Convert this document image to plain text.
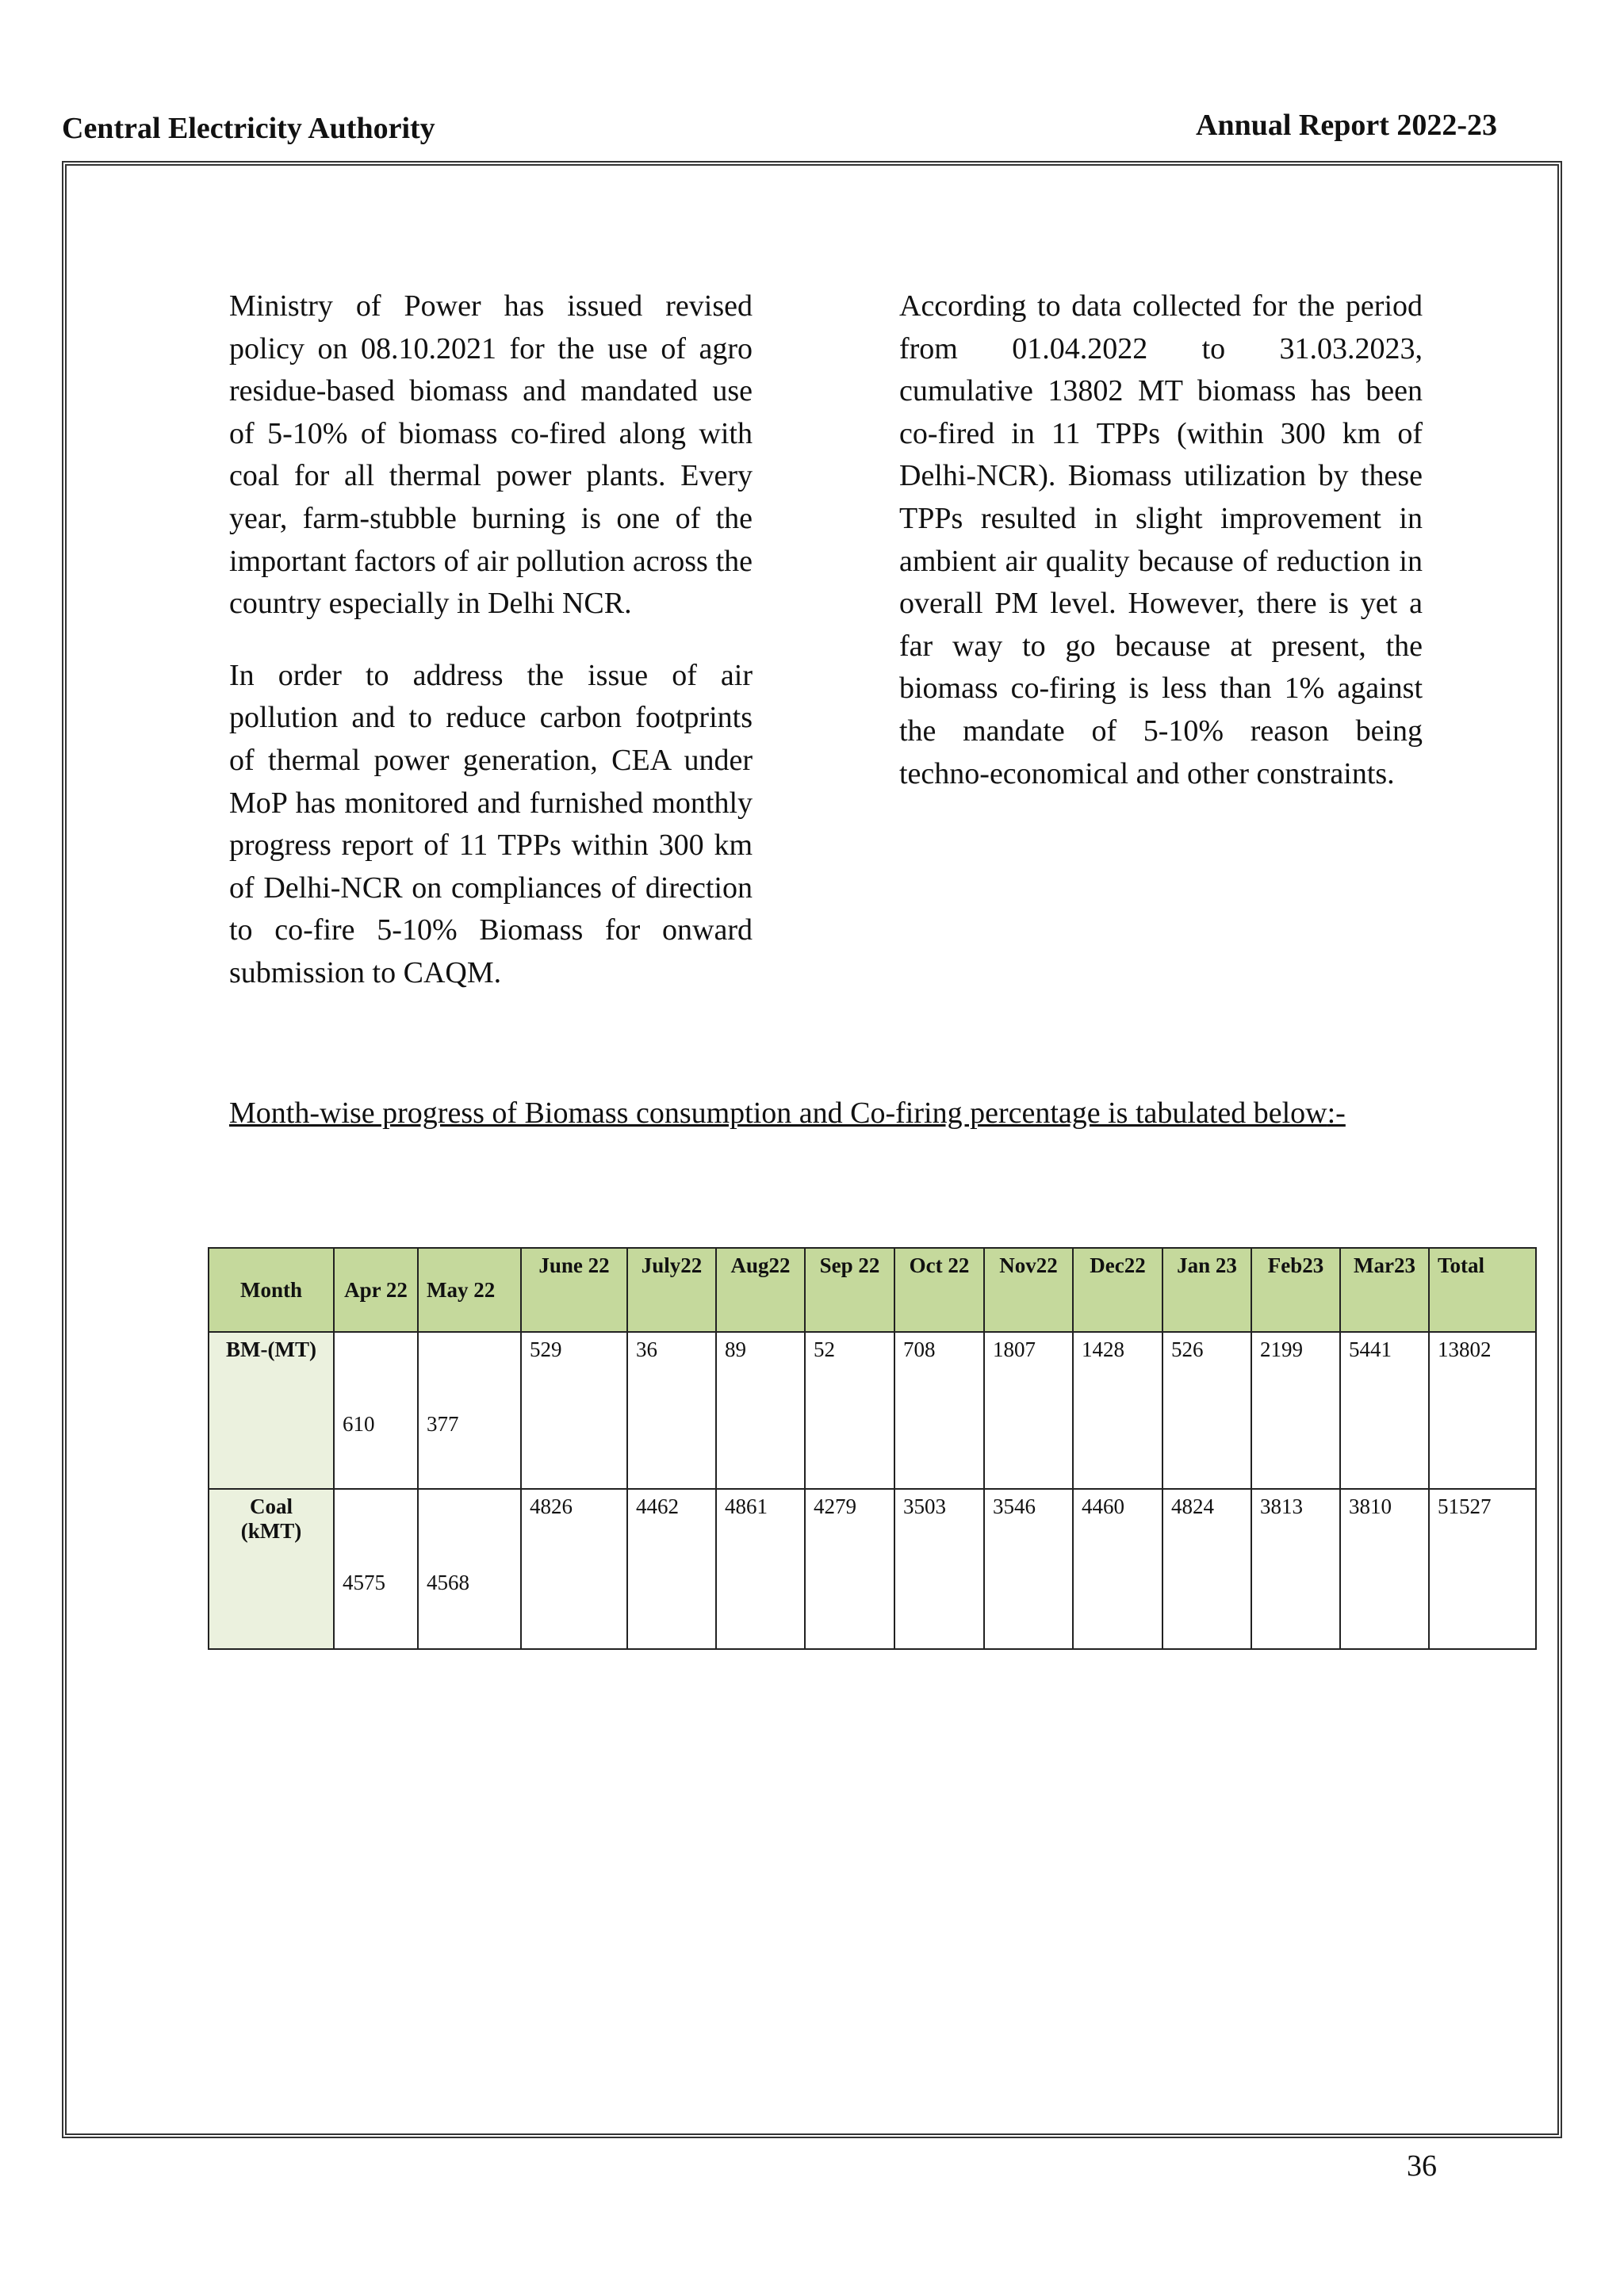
Central Electricity Authority	Annual Report 2022-23

Ministry of Power has issued revised policy on 08.10.2021 for the use of agro residue-based biomass and mandated use of 5-10% of biomass co-fired along with coal for all thermal power plants. Every year, farm-stubble burning is one of the important factors of air pollution across the country especially in Delhi NCR.

In order to address the issue of air pollution and to reduce carbon footprints of thermal power generation, CEA under MoP has monitored and furnished monthly progress report of 11 TPPs within 300 km of Delhi-NCR on compliances of direction to co-fire 5-10% Biomass for onward submission to CAQM.

According to data collected for the period from 01.04.2022 to 31.03.2023, cumulative 13802 MT biomass has been co-fired in 11 TPPs (within 300 km of Delhi-NCR). Biomass utilization by these TPPs resulted in slight improvement in ambient air quality because of reduction in overall PM level. However, there is yet a far way to go because at present, the biomass co-firing is less than 1% against the mandate of 5-10% reason being techno-economical and other constraints.

Month-wise progress of Biomass consumption and Co-firing percentage is tabulated below:-
Month	Apr 22	May 22	June 22	July22	Aug22	Sep 22	Oct 22	Nov22	Dec22	Jan 23	Feb23	Mar23	Total
BM-(MT)	610	377	529	36	89	52	708	1807	1428	526	2199	5441	13802
Coal (kMT)	4575	4568	4826	4462	4861	4279	3503	3546	4460	4824	3813	3810	51527
36
